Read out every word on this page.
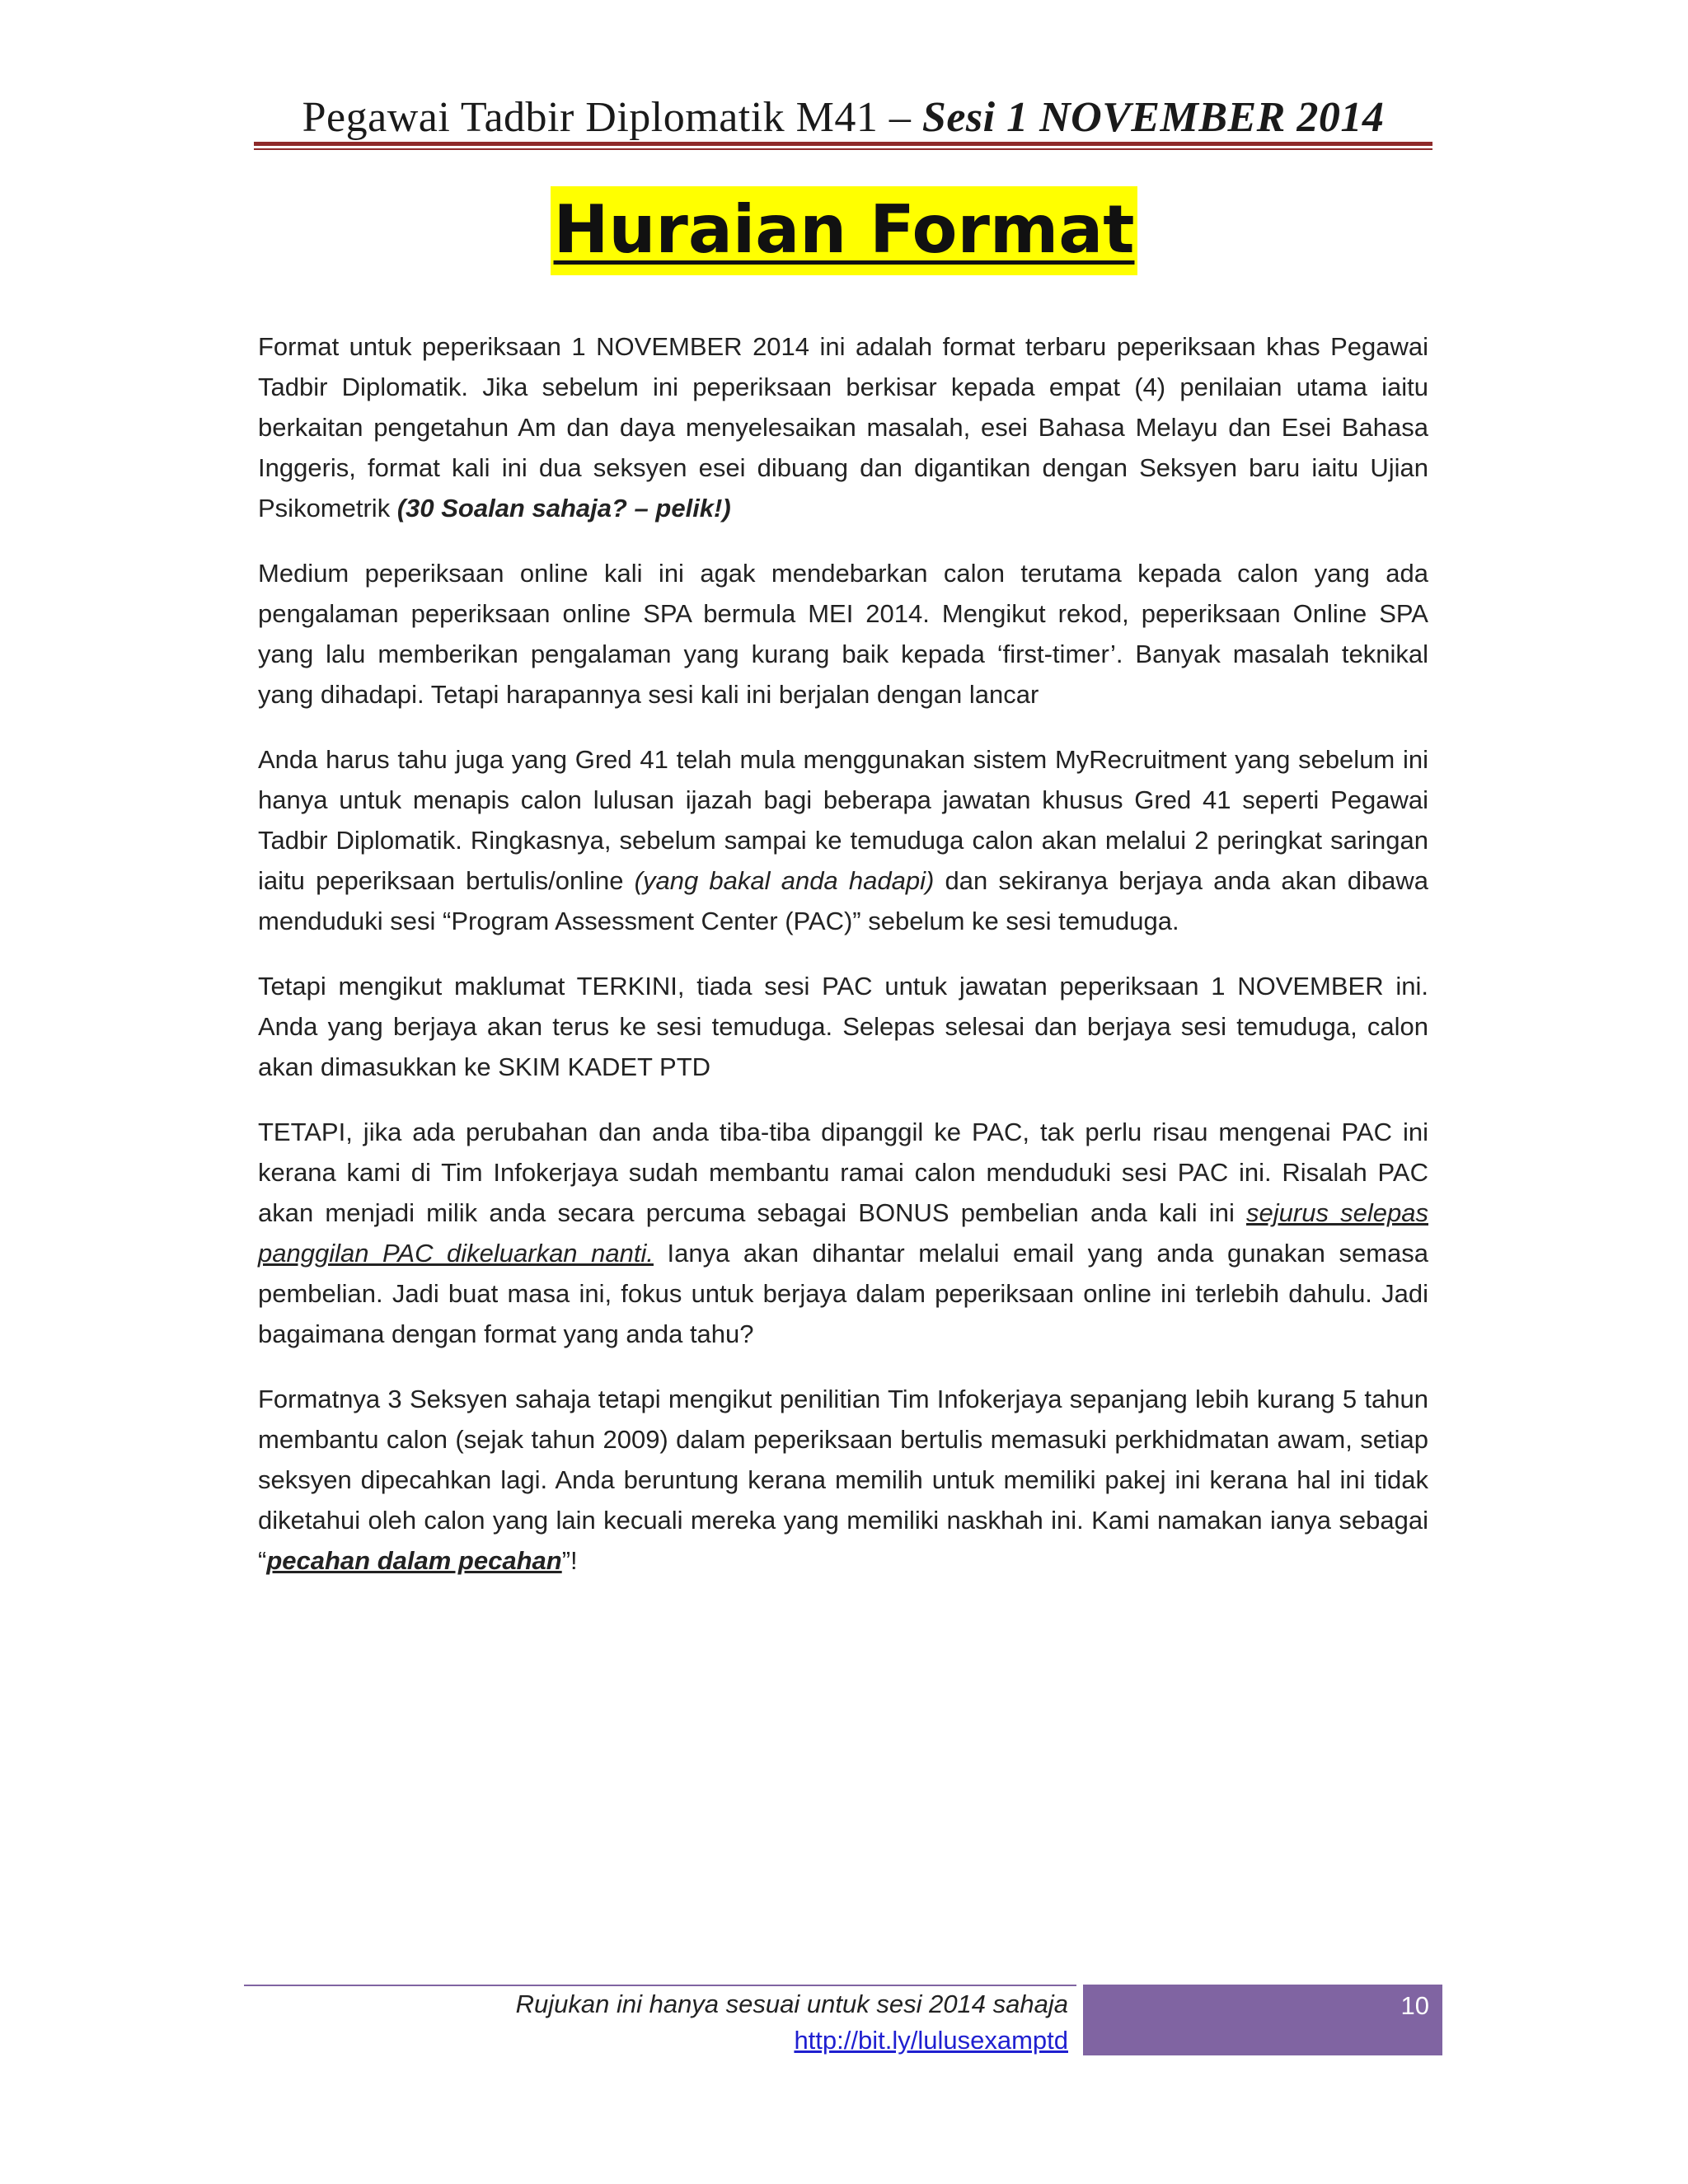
Pegawai Tadbir Diplomatik M41 – Sesi 1 NOVEMBER 2014
Huraian Format

Format untuk peperiksaan 1 NOVEMBER 2014 ini adalah format terbaru peperiksaan khas Pegawai Tadbir Diplomatik. Jika sebelum ini peperiksaan berkisar kepada empat (4) penilaian utama iaitu berkaitan pengetahun Am dan daya menyelesaikan masalah, esei Bahasa Melayu dan Esei Bahasa Inggeris, format kali ini dua seksyen esei dibuang dan digantikan dengan Seksyen baru iaitu Ujian Psikometrik (30 Soalan sahaja? – pelik!)

Medium peperiksaan online kali ini agak mendebarkan calon terutama kepada calon yang ada pengalaman peperiksaan online SPA bermula MEI 2014. Mengikut rekod, peperiksaan Online SPA yang lalu memberikan pengalaman yang kurang baik kepada ‘first-timer’. Banyak masalah teknikal yang dihadapi. Tetapi harapannya sesi kali ini berjalan dengan lancar

Anda harus tahu juga yang Gred 41 telah mula menggunakan sistem MyRecruitment yang sebelum ini hanya untuk menapis calon lulusan ijazah bagi beberapa jawatan khusus Gred 41 seperti Pegawai Tadbir Diplomatik. Ringkasnya, sebelum sampai ke temuduga calon akan melalui 2 peringkat saringan iaitu peperiksaan bertulis/online (yang bakal anda hadapi) dan sekiranya berjaya anda akan dibawa menduduki sesi “Program Assessment Center (PAC)” sebelum ke sesi temuduga.

Tetapi mengikut maklumat TERKINI, tiada sesi PAC untuk jawatan peperiksaan 1 NOVEMBER ini. Anda yang berjaya akan terus ke sesi temuduga. Selepas selesai dan berjaya sesi temuduga, calon akan dimasukkan ke SKIM KADET PTD

TETAPI, jika ada perubahan dan anda tiba-tiba dipanggil ke PAC, tak perlu risau mengenai PAC ini kerana kami di Tim Infokerjaya sudah membantu ramai calon menduduki sesi PAC ini. Risalah PAC akan menjadi milik anda secara percuma sebagai BONUS pembelian anda kali ini sejurus selepas panggilan PAC dikeluarkan nanti. Ianya akan dihantar melalui email yang anda gunakan semasa pembelian. Jadi buat masa ini, fokus untuk berjaya dalam peperiksaan online ini terlebih dahulu. Jadi bagaimana dengan format yang anda tahu?

Formatnya 3 Seksyen sahaja tetapi mengikut penilitian Tim Infokerjaya sepanjang lebih kurang 5 tahun membantu calon (sejak tahun 2009) dalam peperiksaan bertulis memasuki perkhidmatan awam, setiap seksyen dipecahkan lagi. Anda beruntung kerana memilih untuk memiliki pakej ini kerana hal ini tidak diketahui oleh calon yang lain kecuali mereka yang memiliki naskhah ini. Kami namakan ianya sebagai “pecahan dalam pecahan”!

Rujukan ini hanya sesuai untuk sesi 2014 sahaja
http://bit.ly/lulusexamptd
10
